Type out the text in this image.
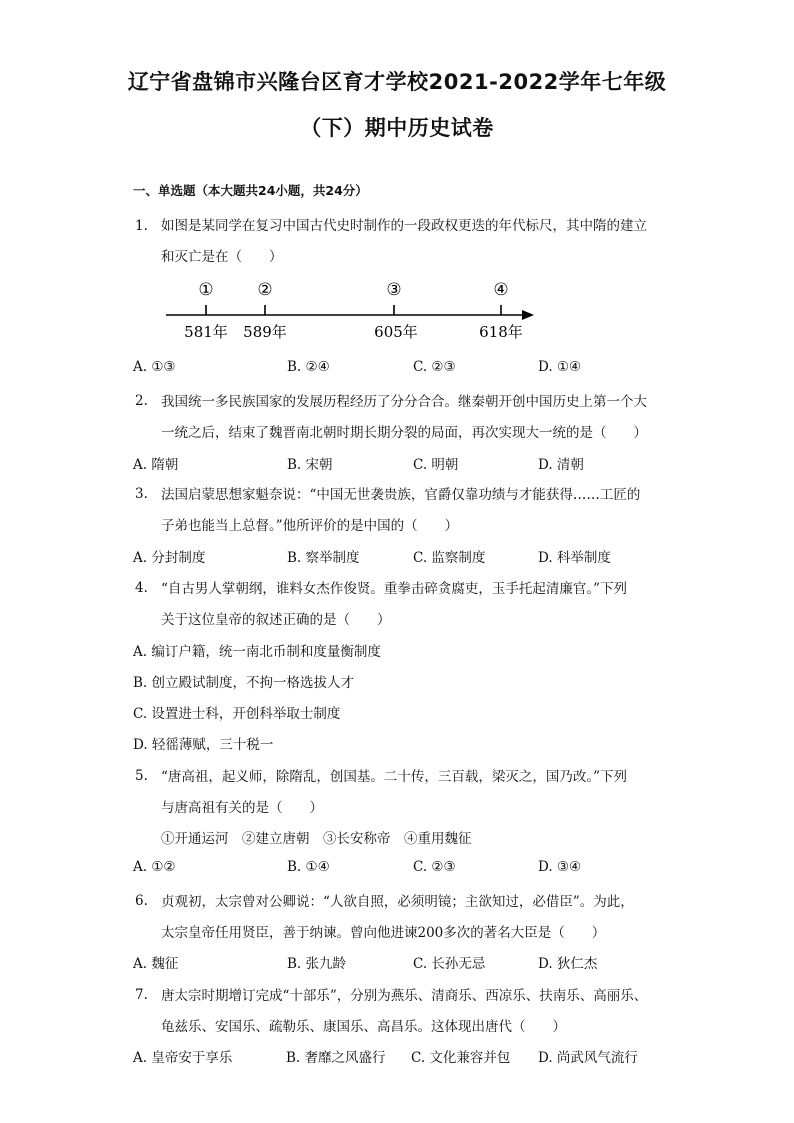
辽宁省盘锦市兴隆台区育才学校2021-2022学年七年级
（下）期中历史试卷
一、单选题（本大题共24小题，共24分）
1. 如图是某同学在复习中国古代史时制作的一段政权更迭的年代标尺，其中隋的建立
和灭亡是在（　　）
①	②	③	④
581年 589年	605年	618年
A. ①③	B. ②④	C. ②③	D. ①④
2. 我国统一多民族国家的发展历程经历了分分合合。继秦朝开创中国历史上第一个大
一统之后，结束了魏晋南北朝时期长期分裂的局面，再次实现大一统的是（　　）
A. 隋朝	B. 宋朝	C. 明朝	D. 清朝
3. 法国启蒙思想家魁奈说：“中国无世袭贵族，官爵仅靠功绩与才能获得……工匠的
子弟也能当上总督。”他所评价的是中国的（　　）
A. 分封制度	B. 察举制度	C. 监察制度	D. 科举制度
4. “自古男人掌朝纲，谁料女杰作俊贤。重拳击碎贪腐吏，玉手托起清廉官。”下列
关于这位皇帝的叙述正确的是（　　）
A. 编订户籍，统一南北币制和度量衡制度
B. 创立殿试制度，不拘一格选拔人才
C. 设置进士科，开创科举取士制度
D. 轻徭薄赋，三十税一
5. “唐高祖，起义师，除隋乱，创国基。二十传，三百载，梁灭之，国乃改。”下列
与唐高祖有关的是（　　）
①开通运河　②建立唐朝　③长安称帝　④重用魏征
A. ①②	B. ①④	C. ②③	D. ③④
6. 贞观初，太宗曾对公卿说：“人欲自照，必须明镜；主欲知过，必借臣”。为此，
太宗皇帝任用贤臣，善于纳谏。曾向他进谏200多次的著名大臣是（　　）
A. 魏征	B. 张九龄	C. 长孙无忌	D. 狄仁杰
7. 唐太宗时期增订完成“十部乐”，分别为燕乐、清商乐、西凉乐、扶南乐、高丽乐、
龟兹乐、安国乐、疏勒乐、康国乐、高昌乐。这体现出唐代（　　）
A. 皇帝安于享乐	B. 奢靡之风盛行 C. 文化兼容并包 D. 尚武风气流行
